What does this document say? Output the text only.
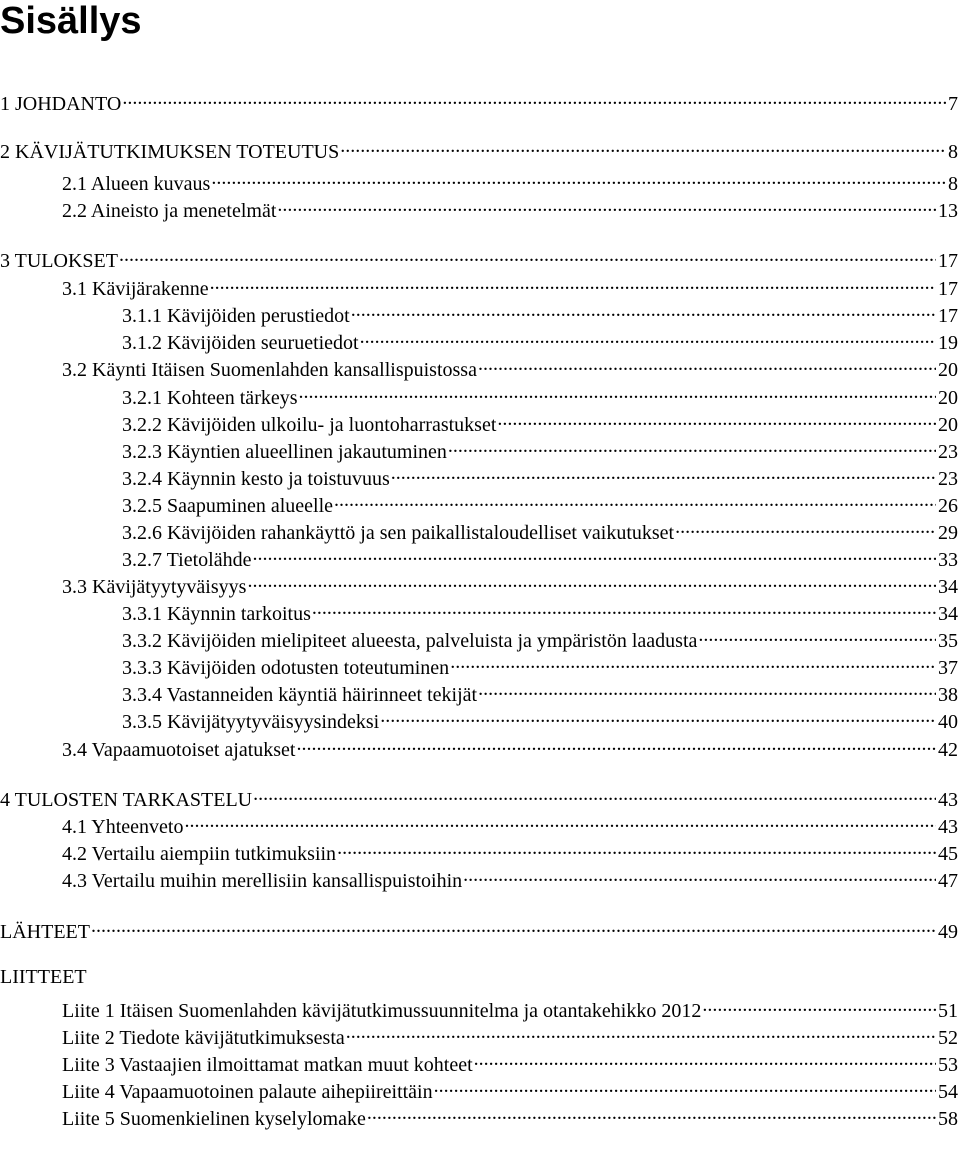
Sisällys
1 JOHDANTO .....	7
2 KÄVIJÄTUTKIMUKSEN TOTEUTUS .....	8
2.1 Alueen kuvaus .....	8
2.2 Aineisto ja menetelmät .....	13
3 TULOKSET .....	17
3.1 Kävijärakenne .....	17
3.1.1 Kävijöiden perustiedot .....	17
3.1.2 Kävijöiden seuruetiedot .....	19
3.2 Käynti Itäisen Suomenlahden kansallispuistossa .....	20
3.2.1 Kohteen tärkeys .....	20
3.2.2 Kävijöiden ulkoilu- ja luontoharrastukset .....	20
3.2.3 Käyntien alueellinen jakautuminen .....	23
3.2.4 Käynnin kesto ja toistuvuus .....	23
3.2.5 Saapuminen alueelle .....	26
3.2.6 Kävijöiden rahankäyttö ja sen paikallistaloudelliset vaikutukset .....	29
3.2.7 Tietolähde .....	33
3.3 Kävijätyytyväisyys .....	34
3.3.1 Käynnin tarkoitus .....	34
3.3.2 Kävijöiden mielipiteet alueesta, palveluista ja ympäristön laadusta .....	35
3.3.3 Kävijöiden odotusten toteutuminen .....	37
3.3.4 Vastanneiden käyntiä häirinneet tekijät .....	38
3.3.5 Kävijätyytyväisyysindeksi .....	40
3.4 Vapaamuotoiset ajatukset .....	42
4 TULOSTEN TARKASTELU .....	43
4.1 Yhteenveto .....	43
4.2 Vertailu aiempiin tutkimuksiin .....	45
4.3 Vertailu muihin merellisiin kansallispuistoihin .....	47
LÄHTEET .....	49
LIITTEET
Liite 1 Itäisen Suomenlahden kävijätutkimussuunnitelma ja otantakehikko 2012 .....	51
Liite 2 Tiedote kävijätutkimuksesta .....	52
Liite 3 Vastaajien ilmoittamat matkan muut kohteet .....	53
Liite 4 Vapaamuotoinen palaute aihepiireittäin .....	54
Liite 5 Suomenkielinen kyselylomake .....	58
